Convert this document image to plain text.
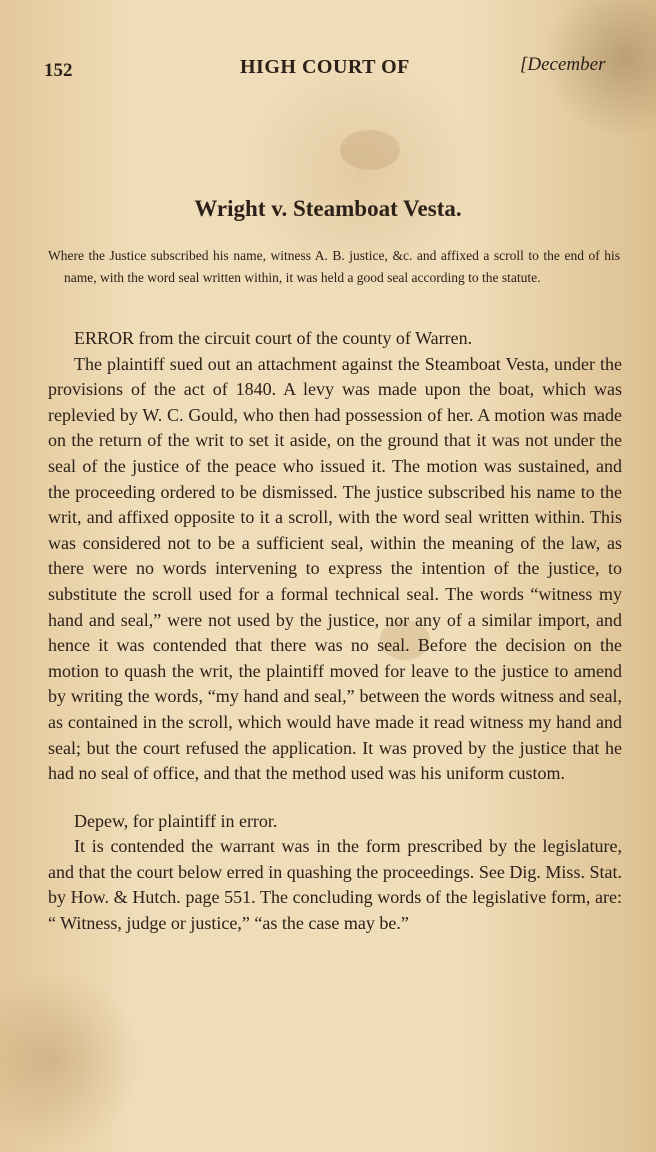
152	HIGH COURT OF	[December
Wright v. Steamboat Vesta.
Where the Justice subscribed his name, witness A. B. justice, &c. and affixed a scroll to the end of his name, with the word seal written within, it was held a good seal according to the statute.

ERROR from the circuit court of the county of Warren.

The plaintiff sued out an attachment against the Steamboat Vesta, under the provisions of the act of 1840. A levy was made upon the boat, which was replevied by W. C. Gould, who then had possession of her. A motion was made on the return of the writ to set it aside, on the ground that it was not under the seal of the justice of the peace who issued it. The motion was sustained, and the proceeding ordered to be dismissed. The justice subscribed his name to the writ, and affixed opposite to it a scroll, with the word seal written within. This was considered not to be a sufficient seal, within the meaning of the law, as there were no words intervening to express the intention of the justice, to substitute the scroll used for a formal technical seal. The words “witness my hand and seal,” were not used by the justice, nor any of a similar import, and hence it was contended that there was no seal. Before the decision on the motion to quash the writ, the plaintiff moved for leave to the justice to amend by writing the words, “my hand and seal,” between the words witness and seal, as contained in the scroll, which would have made it read witness my hand and seal; but the court refused the application. It was proved by the justice that he had no seal of office, and that the method used was his uniform custom.

Depew, for plaintiff in error.

It is contended the warrant was in the form prescribed by the legislature, and that the court below erred in quashing the proceedings. See Dig. Miss. Stat. by How. & Hutch. page 551. The concluding words of the legislative form, are: “ Witness, judge or justice,” “as the case may be.”
